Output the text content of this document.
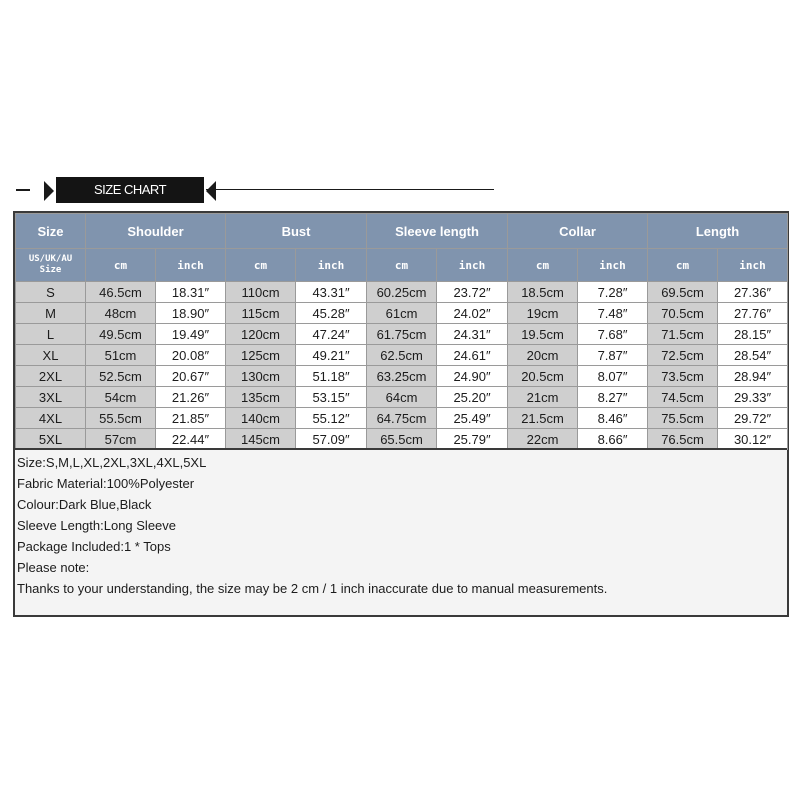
SIZE CHART
Size	Shoulder		Bust		Sleeve length		Collar		Length	
US/UK/AU Size	cm	inch	cm	inch	cm	inch	cm	inch	cm	inch
S	46.5cm	18.31″	110cm	43.31″	60.25cm	23.72″	18.5cm	7.28″	69.5cm	27.36″
M	48cm	18.90″	115cm	45.28″	61cm	24.02″	19cm	7.48″	70.5cm	27.76″
L	49.5cm	19.49″	120cm	47.24″	61.75cm	24.31″	19.5cm	7.68″	71.5cm	28.15″
XL	51cm	20.08″	125cm	49.21″	62.5cm	24.61″	20cm	7.87″	72.5cm	28.54″
2XL	52.5cm	20.67″	130cm	51.18″	63.25cm	24.90″	20.5cm	8.07″	73.5cm	28.94″
3XL	54cm	21.26″	135cm	53.15″	64cm	25.20″	21cm	8.27″	74.5cm	29.33″
4XL	55.5cm	21.85″	140cm	55.12″	64.75cm	25.49″	21.5cm	8.46″	75.5cm	29.72″
5XL	57cm	22.44″	145cm	57.09″	65.5cm	25.79″	22cm	8.66″	76.5cm	30.12″
Size:S,M,L,XL,2XL,3XL,4XL,5XL
Fabric Material:100%Polyester
Colour:Dark Blue,Black
Sleeve Length:Long Sleeve
Package Included:1 * Tops
Please note:
Thanks to your understanding, the size may be 2 cm / 1 inch inaccurate due to manual measurements.
